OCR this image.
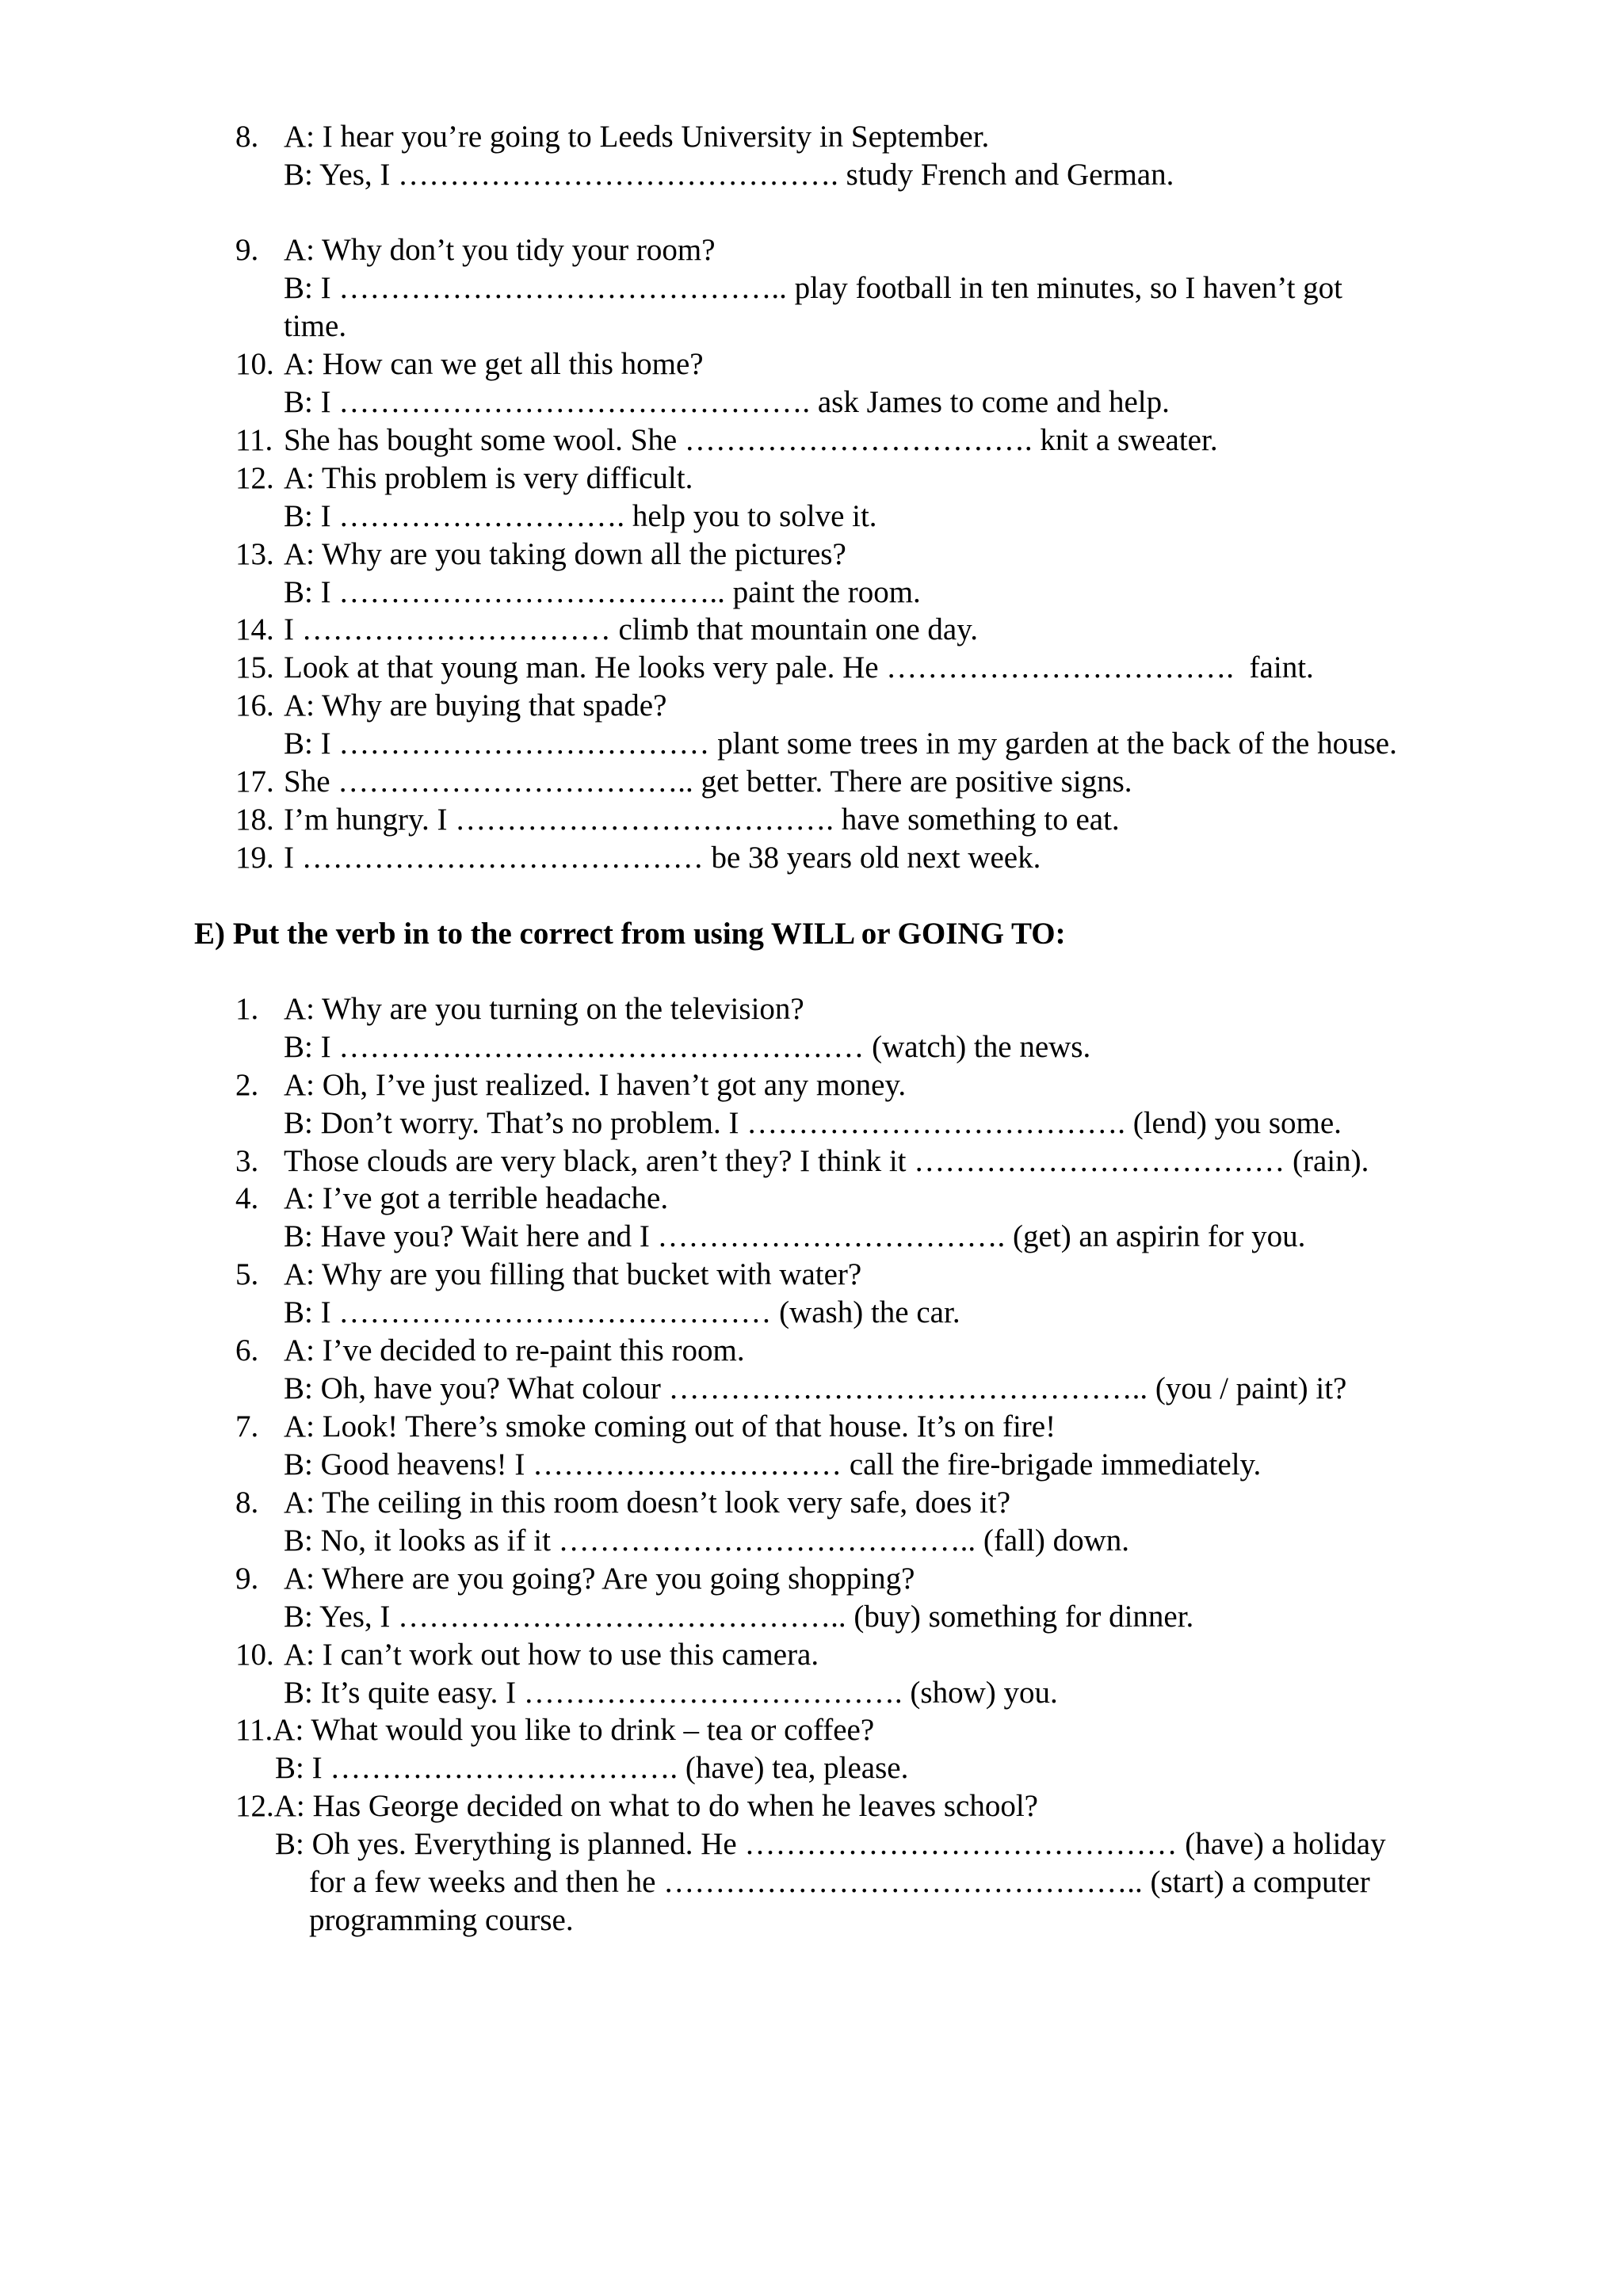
8. A: I hear you’re going to Leeds University in September.
B: Yes, I ……………………………………. study French and German.
9. A: Why don’t you tidy your room?
B: I …………………………………….. play football in ten minutes, so I haven’t got
time.
10. A: How can we get all this home?
B: I ………………………………………. ask James to come and help.
11. She has bought some wool. She ……………………………. knit a sweater.
12. A: This problem is very difficult.
B: I ………………………. help you to solve it.
13. A: Why are you taking down all the pictures?
B: I ……………………………….. paint the room.
14. I ………………………… climb that mountain one day.
15. Look at that young man. He looks very pale. He …………………………….  faint.
16. A: Why are buying that spade?
B: I ……………………………… plant some trees in my garden at the back of the house.
17. She …………………………….. get better. There are positive signs.
18. I’m hungry. I ………………………………. have something to eat.
19. I ………………………………… be 38 years old next week.
E) Put the verb in to the correct from using WILL or GOING TO:
1. A: Why are you turning on the television?
B: I …………………………………………… (watch) the news.
2. A: Oh, I’ve just realized. I haven’t got any money.
B: Don’t worry. That’s no problem. I ………………………………. (lend) you some.
3. Those clouds are very black, aren’t they? I think it ……………………………… (rain).
4. A: I’ve got a terrible headache.
B: Have you? Wait here and I ……………………………. (get) an aspirin for you.
5. A: Why are you filling that bucket with water?
B: I …………………………………… (wash) the car.
6. A: I’ve decided to re-paint this room.
B: Oh, have you? What colour ……………………………………….. (you / paint) it?
7. A: Look! There’s smoke coming out of that house. It’s on fire!
B: Good heavens! I ………………………… call the fire-brigade immediately.
8. A: The ceiling in this room doesn’t look very safe, does it?
B: No, it looks as if it ………………………………….. (fall) down.
9. A: Where are you going? Are you going shopping?
B: Yes, I …………………………………….. (buy) something for dinner.
10. A: I can’t work out how to use this camera.
B: It’s quite easy. I ………………………………. (show) you.
11.A: What would you like to drink – tea or coffee?
B: I ……………………………. (have) tea, please.
12.A: Has George decided on what to do when he leaves school?
B: Oh yes. Everything is planned. He …………………………………… (have) a holiday
for a few weeks and then he ……………………………………….. (start) a computer
programming course.
